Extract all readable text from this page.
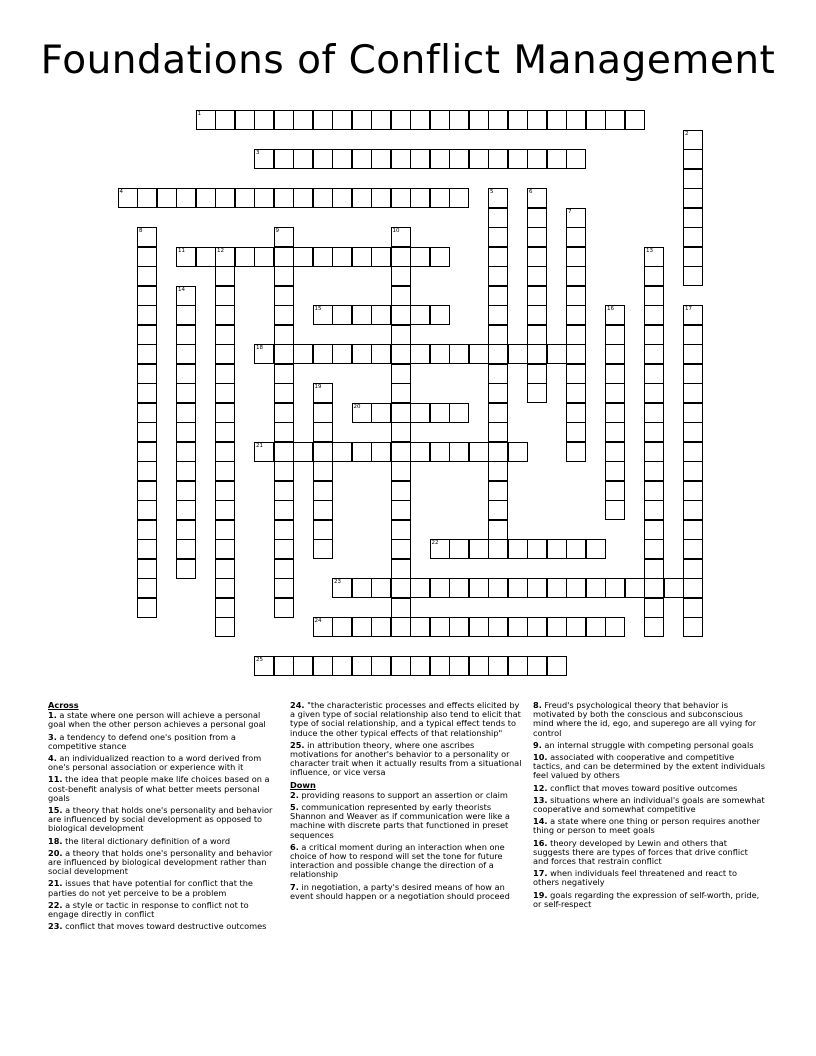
Foundations of Conflict Management
1
3
4
11	12
15
18
20
21
22
23
24
25
2
5	6
7
8	9	10
13
14
16	17
19
Across
1. a state where one person will achieve a personal goal when the other person achieves a personal goal
3. a tendency to defend one's position from a competitive stance
4. an individualized reaction to a word derived from one's personal association or experience with it
11. the idea that people make life choices based on a cost-benefit analysis of what better meets personal goals
15. a theory that holds one's personality and behavior are influenced by social development as opposed to biological development
18. the literal dictionary definition of a word
20. a theory that holds one's personality and behavior are influenced by biological development rather than social development
21. issues that have potential for conflict that the parties do not yet perceive to be a problem
22. a style or tactic in response to conflict not to engage directly in conflict
23. conflict that moves toward destructive outcomes
24. "the characteristic processes and effects elicited by a given type of social relationship also tend to elicit that type of social relationship, and a typical effect tends to induce the other typical effects of that relationship"
25. in attribution theory, where one ascribes motivations for another's behavior to a personality or character trait when it actually results from a situational influence, or vice versa
Down
2. providing reasons to support an assertion or claim
5. communication represented by early theorists Shannon and Weaver as if communication were like a machine with discrete parts that functioned in preset sequences
6. a critical moment during an interaction when one choice of how to respond will set the tone for future interaction and possible change the direction of a relationship
7. in negotiation, a party's desired means of how an event should happen or a negotiation should proceed
8. Freud's psychological theory that behavior is motivated by both the conscious and subconscious mind where the id, ego, and superego are all vying for control
9. an internal struggle with competing personal goals
10. associated with cooperative and competitive tactics, and can be determined by the extent individuals feel valued by others
12. conflict that moves toward positive outcomes
13. situations where an individual's goals are somewhat cooperative and somewhat competitive
14. a state where one thing or person requires another thing or person to meet goals
16. theory developed by Lewin and others that suggests there are types of forces that drive conflict and forces that restrain conflict
17. when individuals feel threatened and react to others negatively
19. goals regarding the expression of self-worth, pride, or self-respect
